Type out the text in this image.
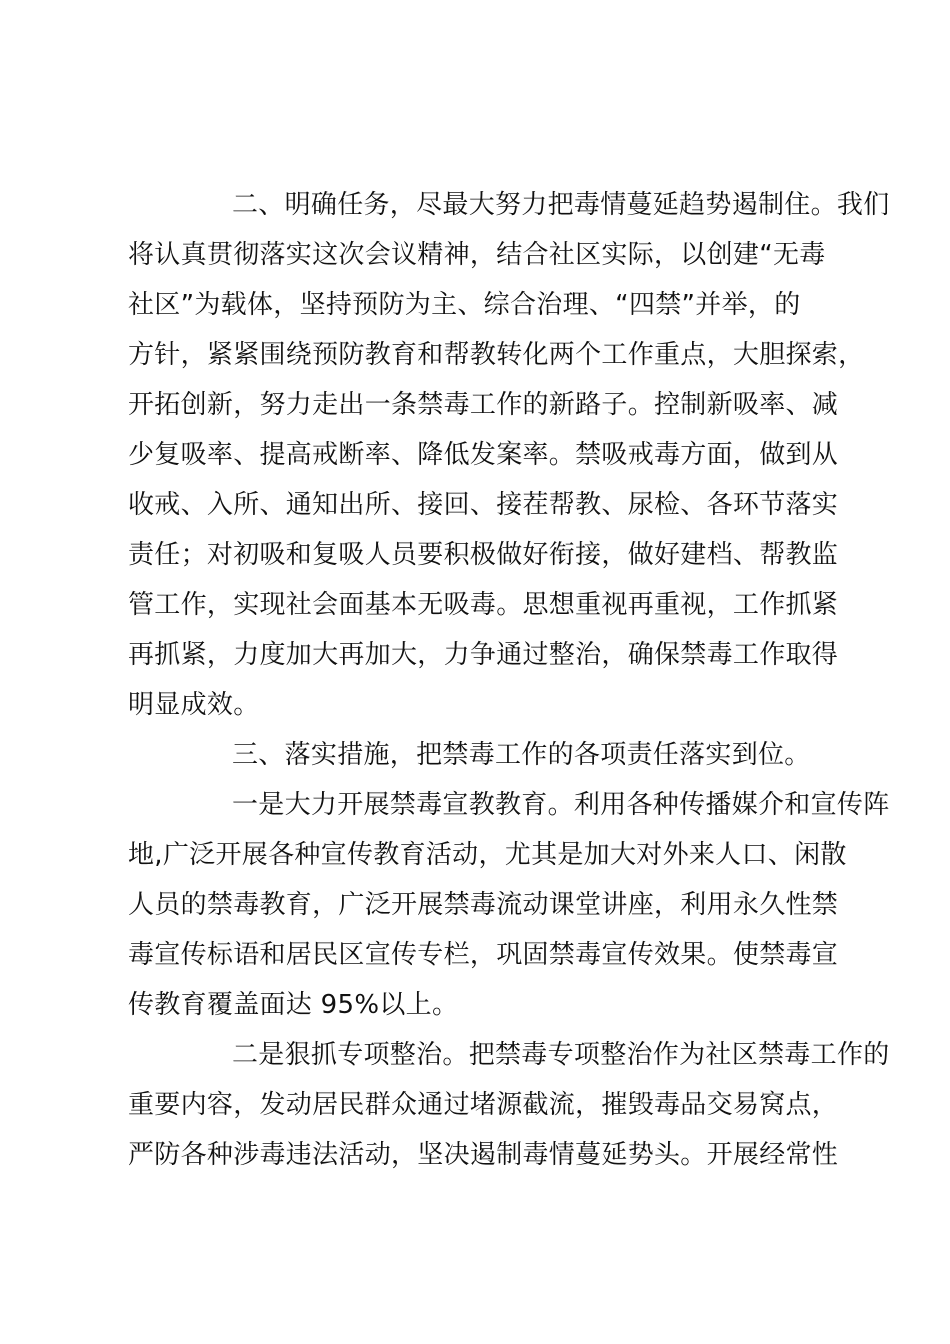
二、明确任务，尽最大努力把毒情蔓延趋势遏制住。我们
将认真贯彻落实这次会议精神，结合社区实际，以创建“无毒
社区”为载体，坚持预防为主、综合治理、“四禁”并举，的
方针，紧紧围绕预防教育和帮教转化两个工作重点，大胆探索，
开拓创新，努力走出一条禁毒工作的新路子。控制新吸率、减
少复吸率、提高戒断率、降低发案率。禁吸戒毒方面，做到从
收戒、入所、通知出所、接回、接茬帮教、尿检、各环节落实
责任；对初吸和复吸人员要积极做好衔接，做好建档、帮教监
管工作，实现社会面基本无吸毒。思想重视再重视，工作抓紧
再抓紧，力度加大再加大，力争通过整治，确保禁毒工作取得
明显成效。
三、落实措施，把禁毒工作的各项责任落实到位。
一是大力开展禁毒宣教教育。利用各种传播媒介和宣传阵
地,广泛开展各种宣传教育活动，尤其是加大对外来人口、闲散
人员的禁毒教育，广泛开展禁毒流动课堂讲座，利用永久性禁
毒宣传标语和居民区宣传专栏，巩固禁毒宣传效果。使禁毒宣
传教育覆盖面达 95%以上。
二是狠抓专项整治。把禁毒专项整治作为社区禁毒工作的
重要内容，发动居民群众通过堵源截流，摧毁毒品交易窝点，
严防各种涉毒违法活动，坚决遏制毒情蔓延势头。开展经常性
